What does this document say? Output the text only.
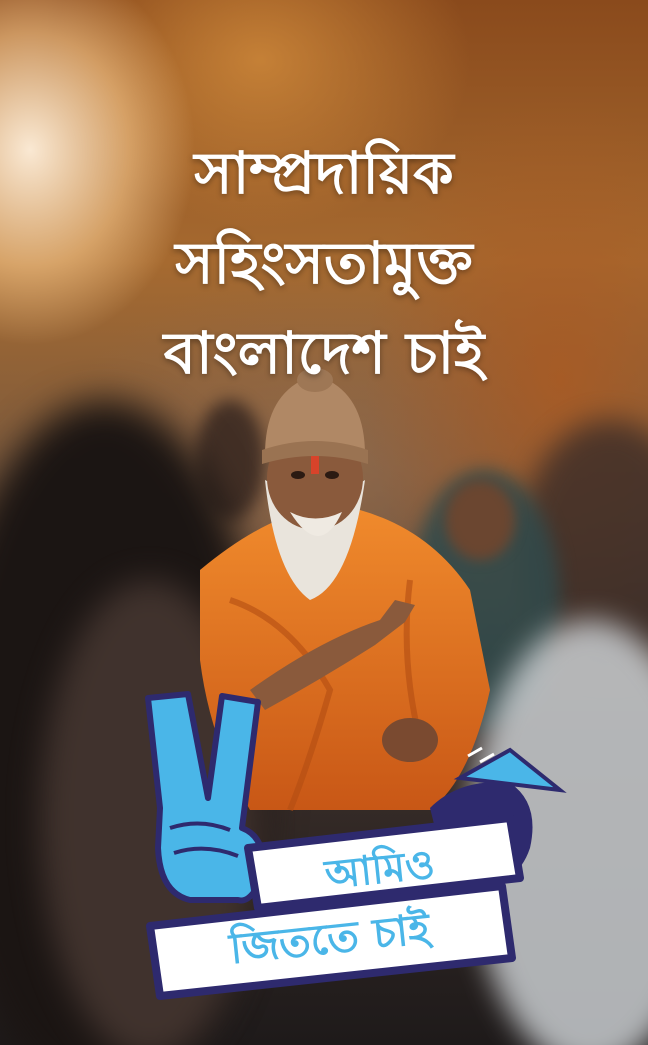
সাম্প্রদায়িক
সহিংসতামুক্ত
বাংলাদেশ চাই
আমিও
জিততে চাই
